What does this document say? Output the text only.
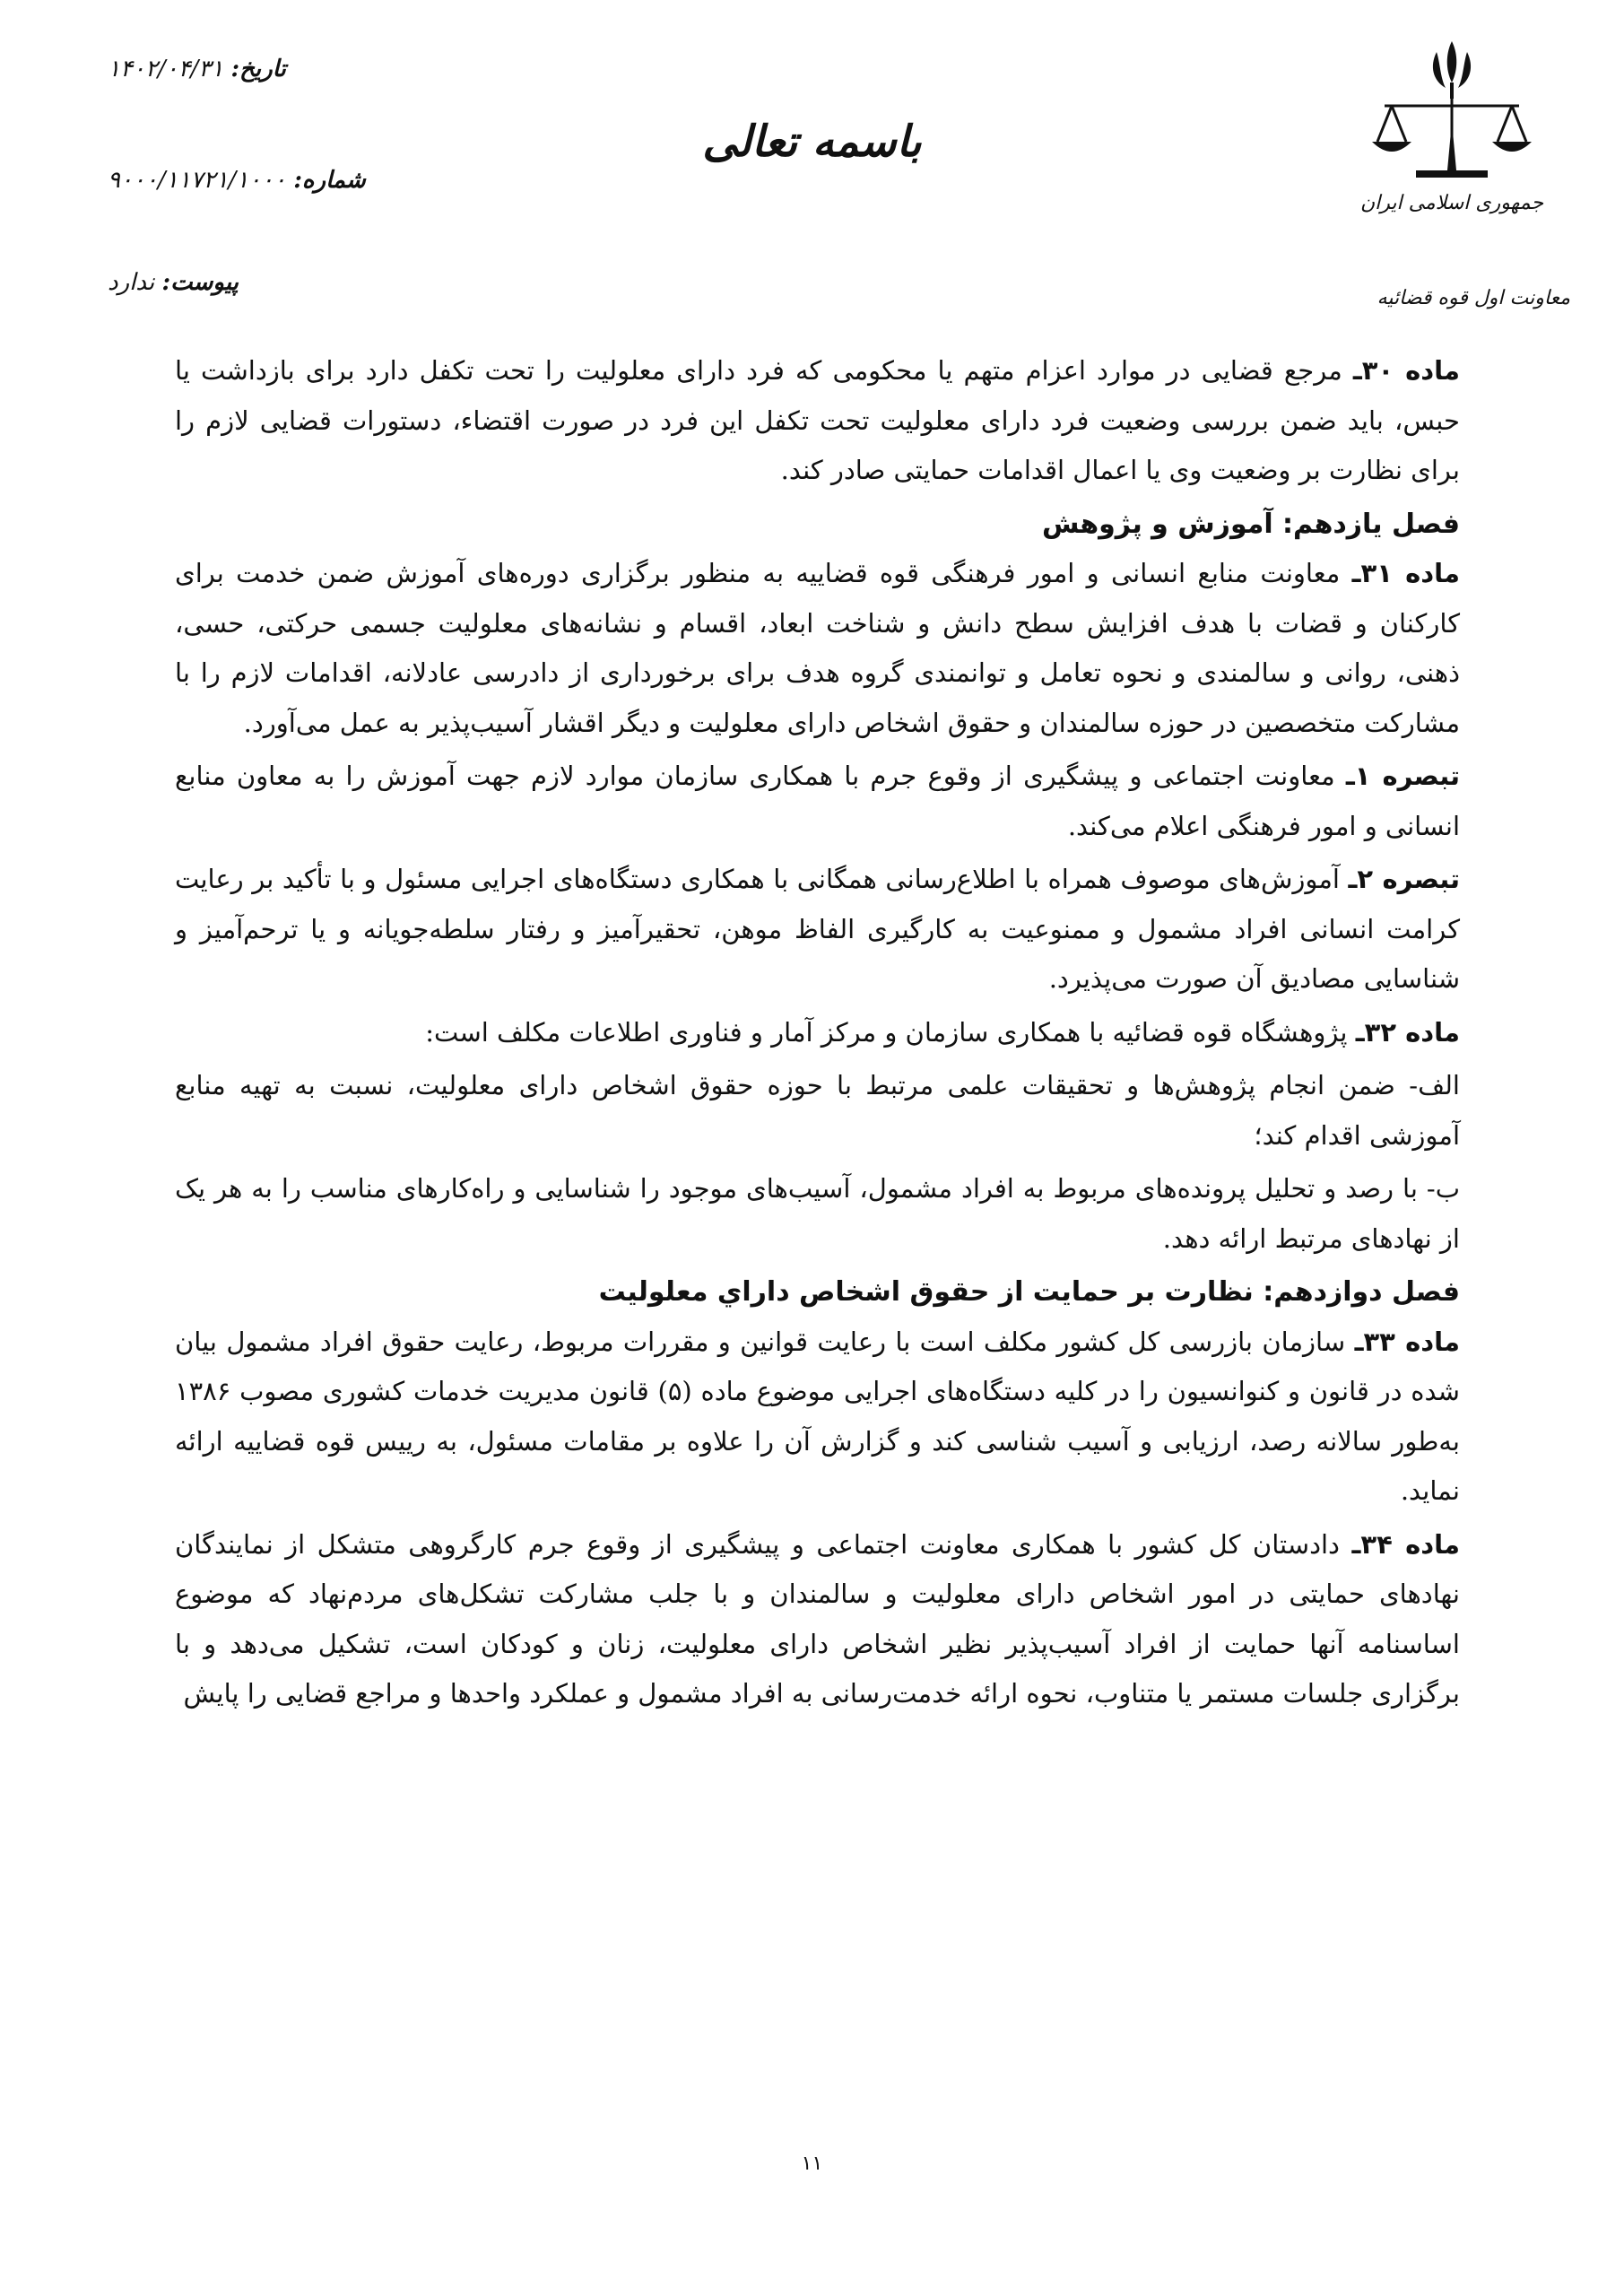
جمهوری اسلامی ایران
معاونت اول قوه قضائیه
باسمه تعالی
تاریخ: ۱۴۰۲/۰۴/۳۱
شماره: ۹۰۰۰/۱۱۷۲۱/۱۰۰۰
پیوست: ندارد

ماده ۳۰ـ مرجع قضایی در موارد اعزام متهم یا محکومی که فرد دارای معلولیت را تحت تکفل دارد برای بازداشت یا حبس، باید ضمن بررسی وضعیت فرد دارای معلولیت تحت تکفل این فرد در صورت اقتضاء، دستورات قضایی لازم را برای نظارت بر وضعیت وی یا اعمال اقدامات حمایتی صادر کند.

فصل یازدهم: آموزش و پژوهش

ماده ۳۱ـ معاونت منابع انسانی و امور فرهنگی قوه قضاییه به منظور برگزاری دوره‌های آموزش ضمن خدمت برای کارکنان و قضات با هدف افزایش سطح دانش و شناخت ابعاد، اقسام و نشانه‌های معلولیت جسمی حرکتی، حسی، ذهنی، روانی و سالمندی و نحوه تعامل و توانمندی گروه هدف برای برخورداری از دادرسی عادلانه، اقدامات لازم را با مشارکت متخصصین در حوزه سالمندان و حقوق اشخاص دارای معلولیت و دیگر اقشار آسیب‌پذیر به عمل می‌آورد.

تبصره ۱ـ معاونت اجتماعی و پیشگیری از وقوع جرم با همکاری سازمان موارد لازم جهت آموزش را به معاون منابع انسانی و امور فرهنگی اعلام می‌کند.

تبصره ۲ـ آموزش‌های موصوف همراه با اطلاع‌رسانی همگانی با همکاری دستگاه‌های اجرایی مسئول و با تأکید بر رعایت کرامت انسانی افراد مشمول و ممنوعیت به کارگیری الفاظ موهن، تحقیرآمیز و رفتار سلطه‌جویانه و یا ترحم‌آمیز و شناسایی مصادیق آن صورت می‌پذیرد.

ماده ۳۲ـ پژوهشگاه قوه قضائیه با همکاری سازمان و مرکز آمار و فناوری اطلاعات مکلف است:

الف- ضمن انجام پژوهش‌ها و تحقیقات علمی مرتبط با حوزه حقوق اشخاص دارای معلولیت، نسبت به تهیه منابع آموزشی اقدام کند؛

ب- با رصد و تحلیل پرونده‌های مربوط به افراد مشمول، آسیب‌های موجود را شناسایی و راه‌کارهای مناسب را به هر یک از نهادهای مرتبط ارائه دهد.

فصل دوازدهم: نظارت بر حمایت از حقوق اشخاص داراي معلولیت

ماده ۳۳ـ سازمان بازرسی کل کشور مکلف است با رعایت قوانین و مقررات مربوط، رعایت حقوق افراد مشمول بیان شده در قانون و کنوانسیون را در کلیه دستگاه‌های اجرایی موضوع ماده (۵) قانون مدیریت خدمات کشوری مصوب ۱۳۸۶ به‌طور سالانه رصد، ارزیابی و آسیب شناسی کند و گزارش آن را علاوه بر مقامات مسئول، به رییس قوه قضاییه ارائه نماید.

ماده ۳۴ـ دادستان کل کشور با همکاری معاونت اجتماعی و پیشگیری از وقوع جرم کارگروهی متشکل از نمایندگان نهادهای حمایتی در امور اشخاص دارای معلولیت و سالمندان و با جلب مشارکت تشکل‌های مردم‌نهاد که موضوع اساسنامه آنها حمایت از افراد آسیب‌پذیر نظیر اشخاص دارای معلولیت، زنان و کودکان است، تشکیل می‌دهد و با برگزاری جلسات مستمر یا متناوب، نحوه ارائه خدمت‌رسانی به افراد مشمول و عملکرد واحدها و مراجع قضایی را پایش

۱۱
